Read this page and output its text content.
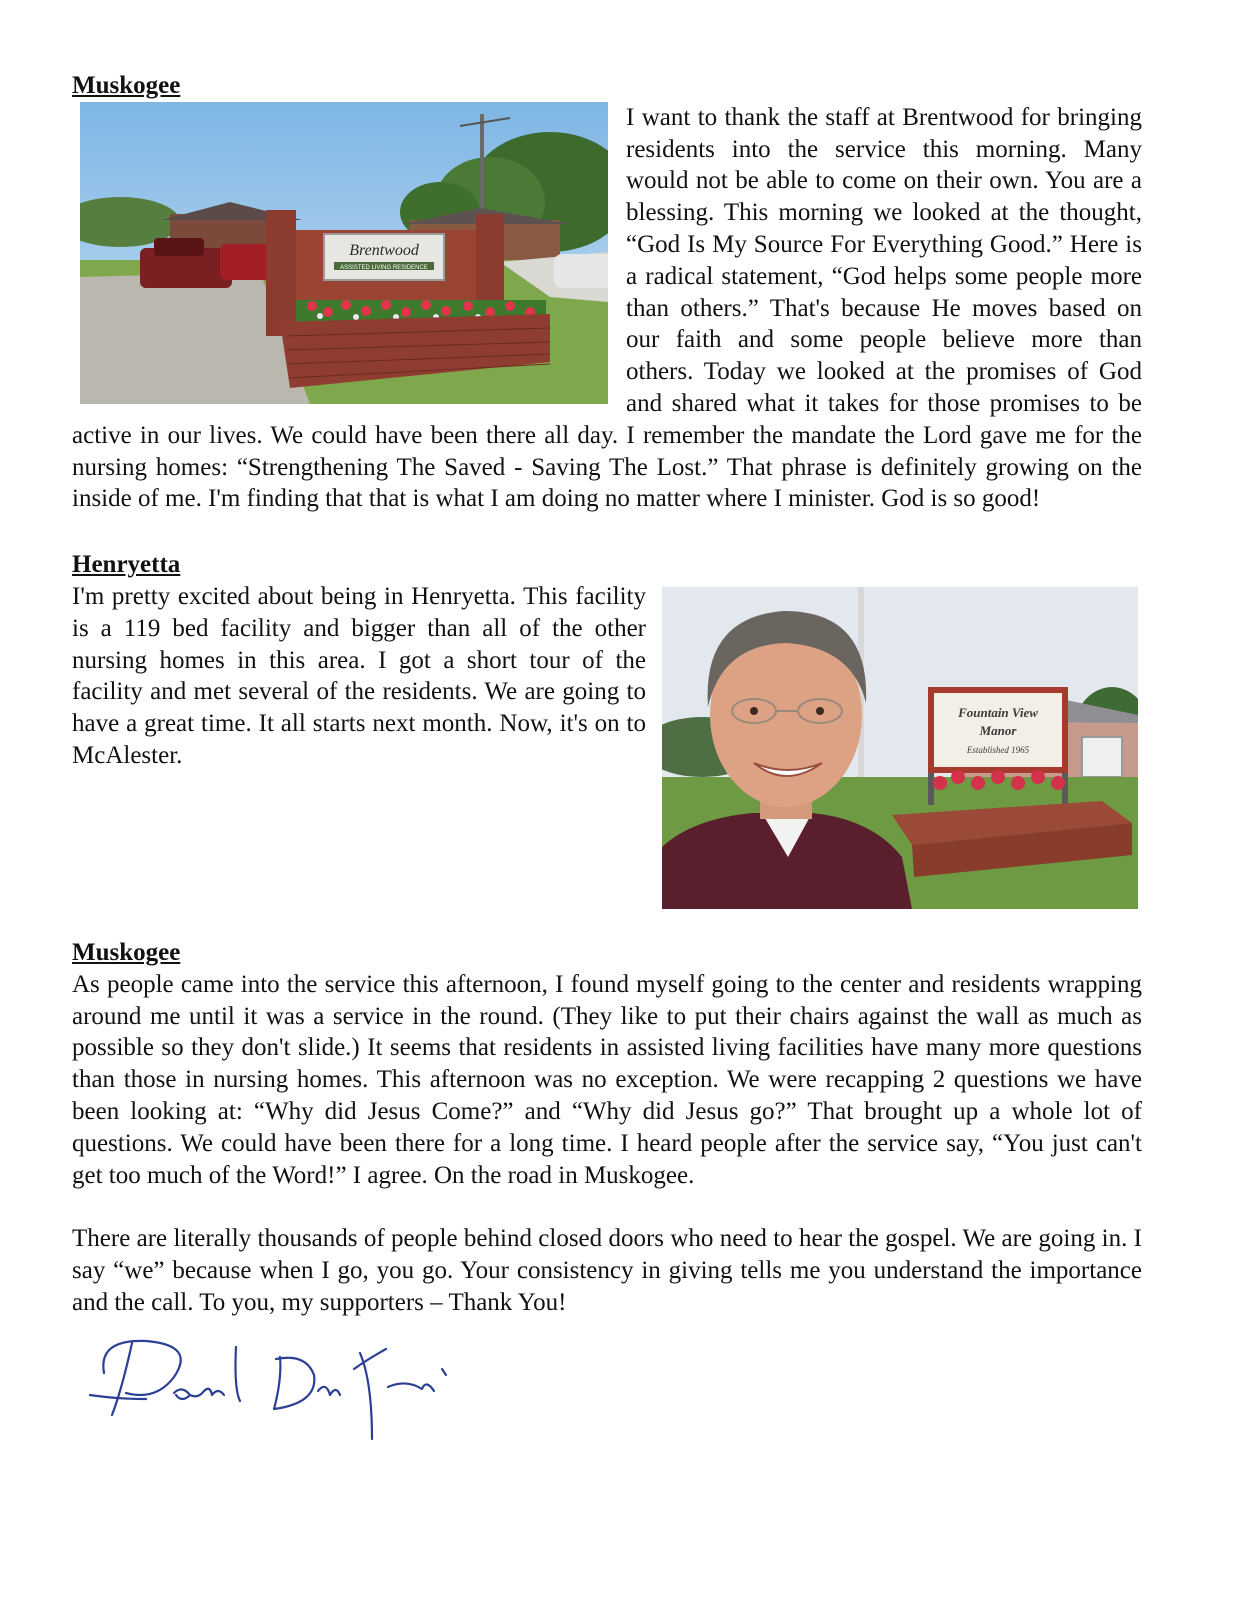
Muskogee

Brentwood
ASSISTED LIVING RESIDENCE

I want to thank the staff at Brentwood for bringing residents into the service this morning. Many would not be able to come on their own. You are a blessing. This morning we looked at the thought, “God Is My Source For Everything Good.” Here is a radical statement, “God helps some people more than others.” That's because He moves based on our faith and some people believe more than others. Today we looked at the promises of God and shared what it takes for those promises to be active in our lives. We could have been there all day. I remember the mandate the Lord gave me for the nursing homes: “Strengthening The Saved - Saving The Lost.” That phrase is definitely growing on the inside of me. I'm finding that that is what I am doing no matter where I minister. God is so good!

Henryetta

Fountain View
Manor
Established 1965

I'm pretty excited about being in Henryetta. This facility is a 119 bed facility and bigger than all of the other nursing homes in this area. I got a short tour of the facility and met several of the residents. We are going to have a great time. It all starts next month. Now, it's on to McAlester.

Muskogee

As people came into the service this afternoon, I found myself going to the center and residents wrapping around me until it was a service in the round. (They like to put their chairs against the wall as much as possible so they don't slide.) It seems that residents in assisted living facilities have many more questions than those in nursing homes. This afternoon was no exception. We were recapping 2 questions we have been looking at: “Why did Jesus Come?” and “Why did Jesus go?” That brought up a whole lot of questions. We could have been there for a long time. I heard people after the service say, “You just can't get too much of the Word!” I agree. On the road in Muskogee.

There are literally thousands of people behind closed doors who need to hear the gospel. We are going in. I say “we” because when I go, you go. Your consistency in giving tells me you understand the importance and the call. To you, my supporters – Thank You!
